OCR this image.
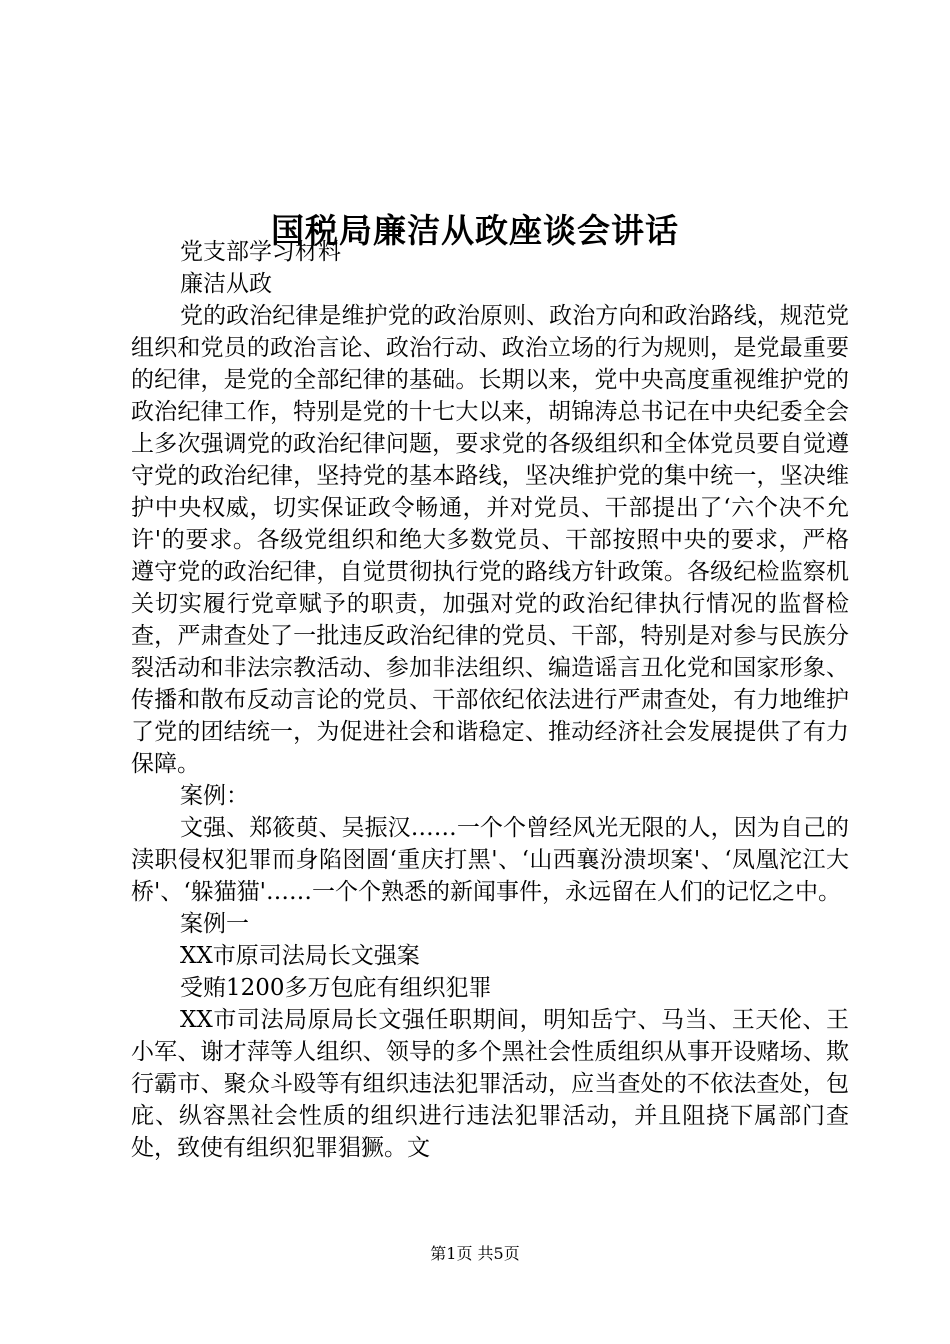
国税局廉洁从政座谈会讲话

党支部学习材料

廉洁从政

党的政治纪律是维护党的政治原则、政治方向和政治路线，规范党组织和党员的政治言论、政治行动、政治立场的行为规则，是党最重要的纪律，是党的全部纪律的基础。长期以来，党中央高度重视维护党的政治纪律工作，特别是党的十七大以来，胡锦涛总书记在中央纪委全会上多次强调党的政治纪律问题，要求党的各级组织和全体党员要自觉遵守党的政治纪律，坚持党的基本路线，坚决维护党的集中统一，坚决维护中央权威，切实保证政令畅通，并对党员、干部提出了‘六个决不允许'的要求。各级党组织和绝大多数党员、干部按照中央的要求，严格遵守党的政治纪律，自觉贯彻执行党的路线方针政策。各级纪检监察机关切实履行党章赋予的职责，加强对党的政治纪律执行情况的监督检查，严肃查处了一批违反政治纪律的党员、干部，特别是对参与民族分裂活动和非法宗教活动、参加非法组织、编造谣言丑化党和国家形象、传播和散布反动言论的党员、干部依纪依法进行严肃查处，有力地维护了党的团结统一，为促进社会和谐稳定、推动经济社会发展提供了有力保障。

案例：

文强、郑筱萸、吴振汉……一个个曾经风光无限的人，因为自己的渎职侵权犯罪而身陷囹圄‘重庆打黑'、‘山西襄汾溃坝案'、‘凤凰沱江大桥'、‘躲猫猫'……一个个熟悉的新闻事件，永远留在人们的记忆之中。

案例一

XX市原司法局长文强案

受贿1200多万包庇有组织犯罪

XX市司法局原局长文强任职期间，明知岳宁、马当、王天伦、王小军、谢才萍等人组织、领导的多个黑社会性质组织从事开设赌场、欺行霸市、聚众斗殴等有组织违法犯罪活动，应当查处的不依法查处，包庇、纵容黑社会性质的组织进行违法犯罪活动，并且阻挠下属部门查处，致使有组织犯罪猖獗。文

第1页 共5页
